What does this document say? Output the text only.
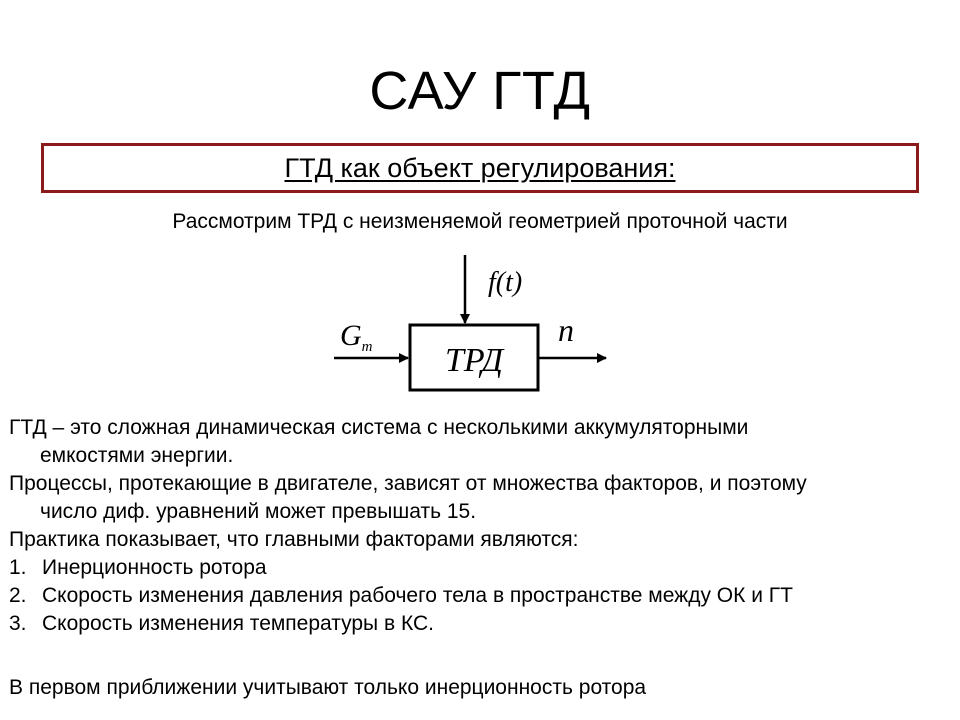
САУ ГТД
ГТД как объект регулирования:
Рассмотрим ТРД с неизменяемой геометрией проточной части
ТРД
$G_т$
f(t)
n

ГТД – это сложная динамическая система с несколькими аккумуляторными
емкостями энергии.

Процессы, протекающие в двигателе, зависят от множества факторов, и поэтому
число диф. уравнений может превышать 15.

Практика показывает, что главными факторами являются:

1. Инерционность ротора
2. Скорость изменения давления рабочего тела в пространстве между ОК и ГТ
3. Скорость изменения температуры в КС.
В первом приближении учитывают только инерционность ротора
